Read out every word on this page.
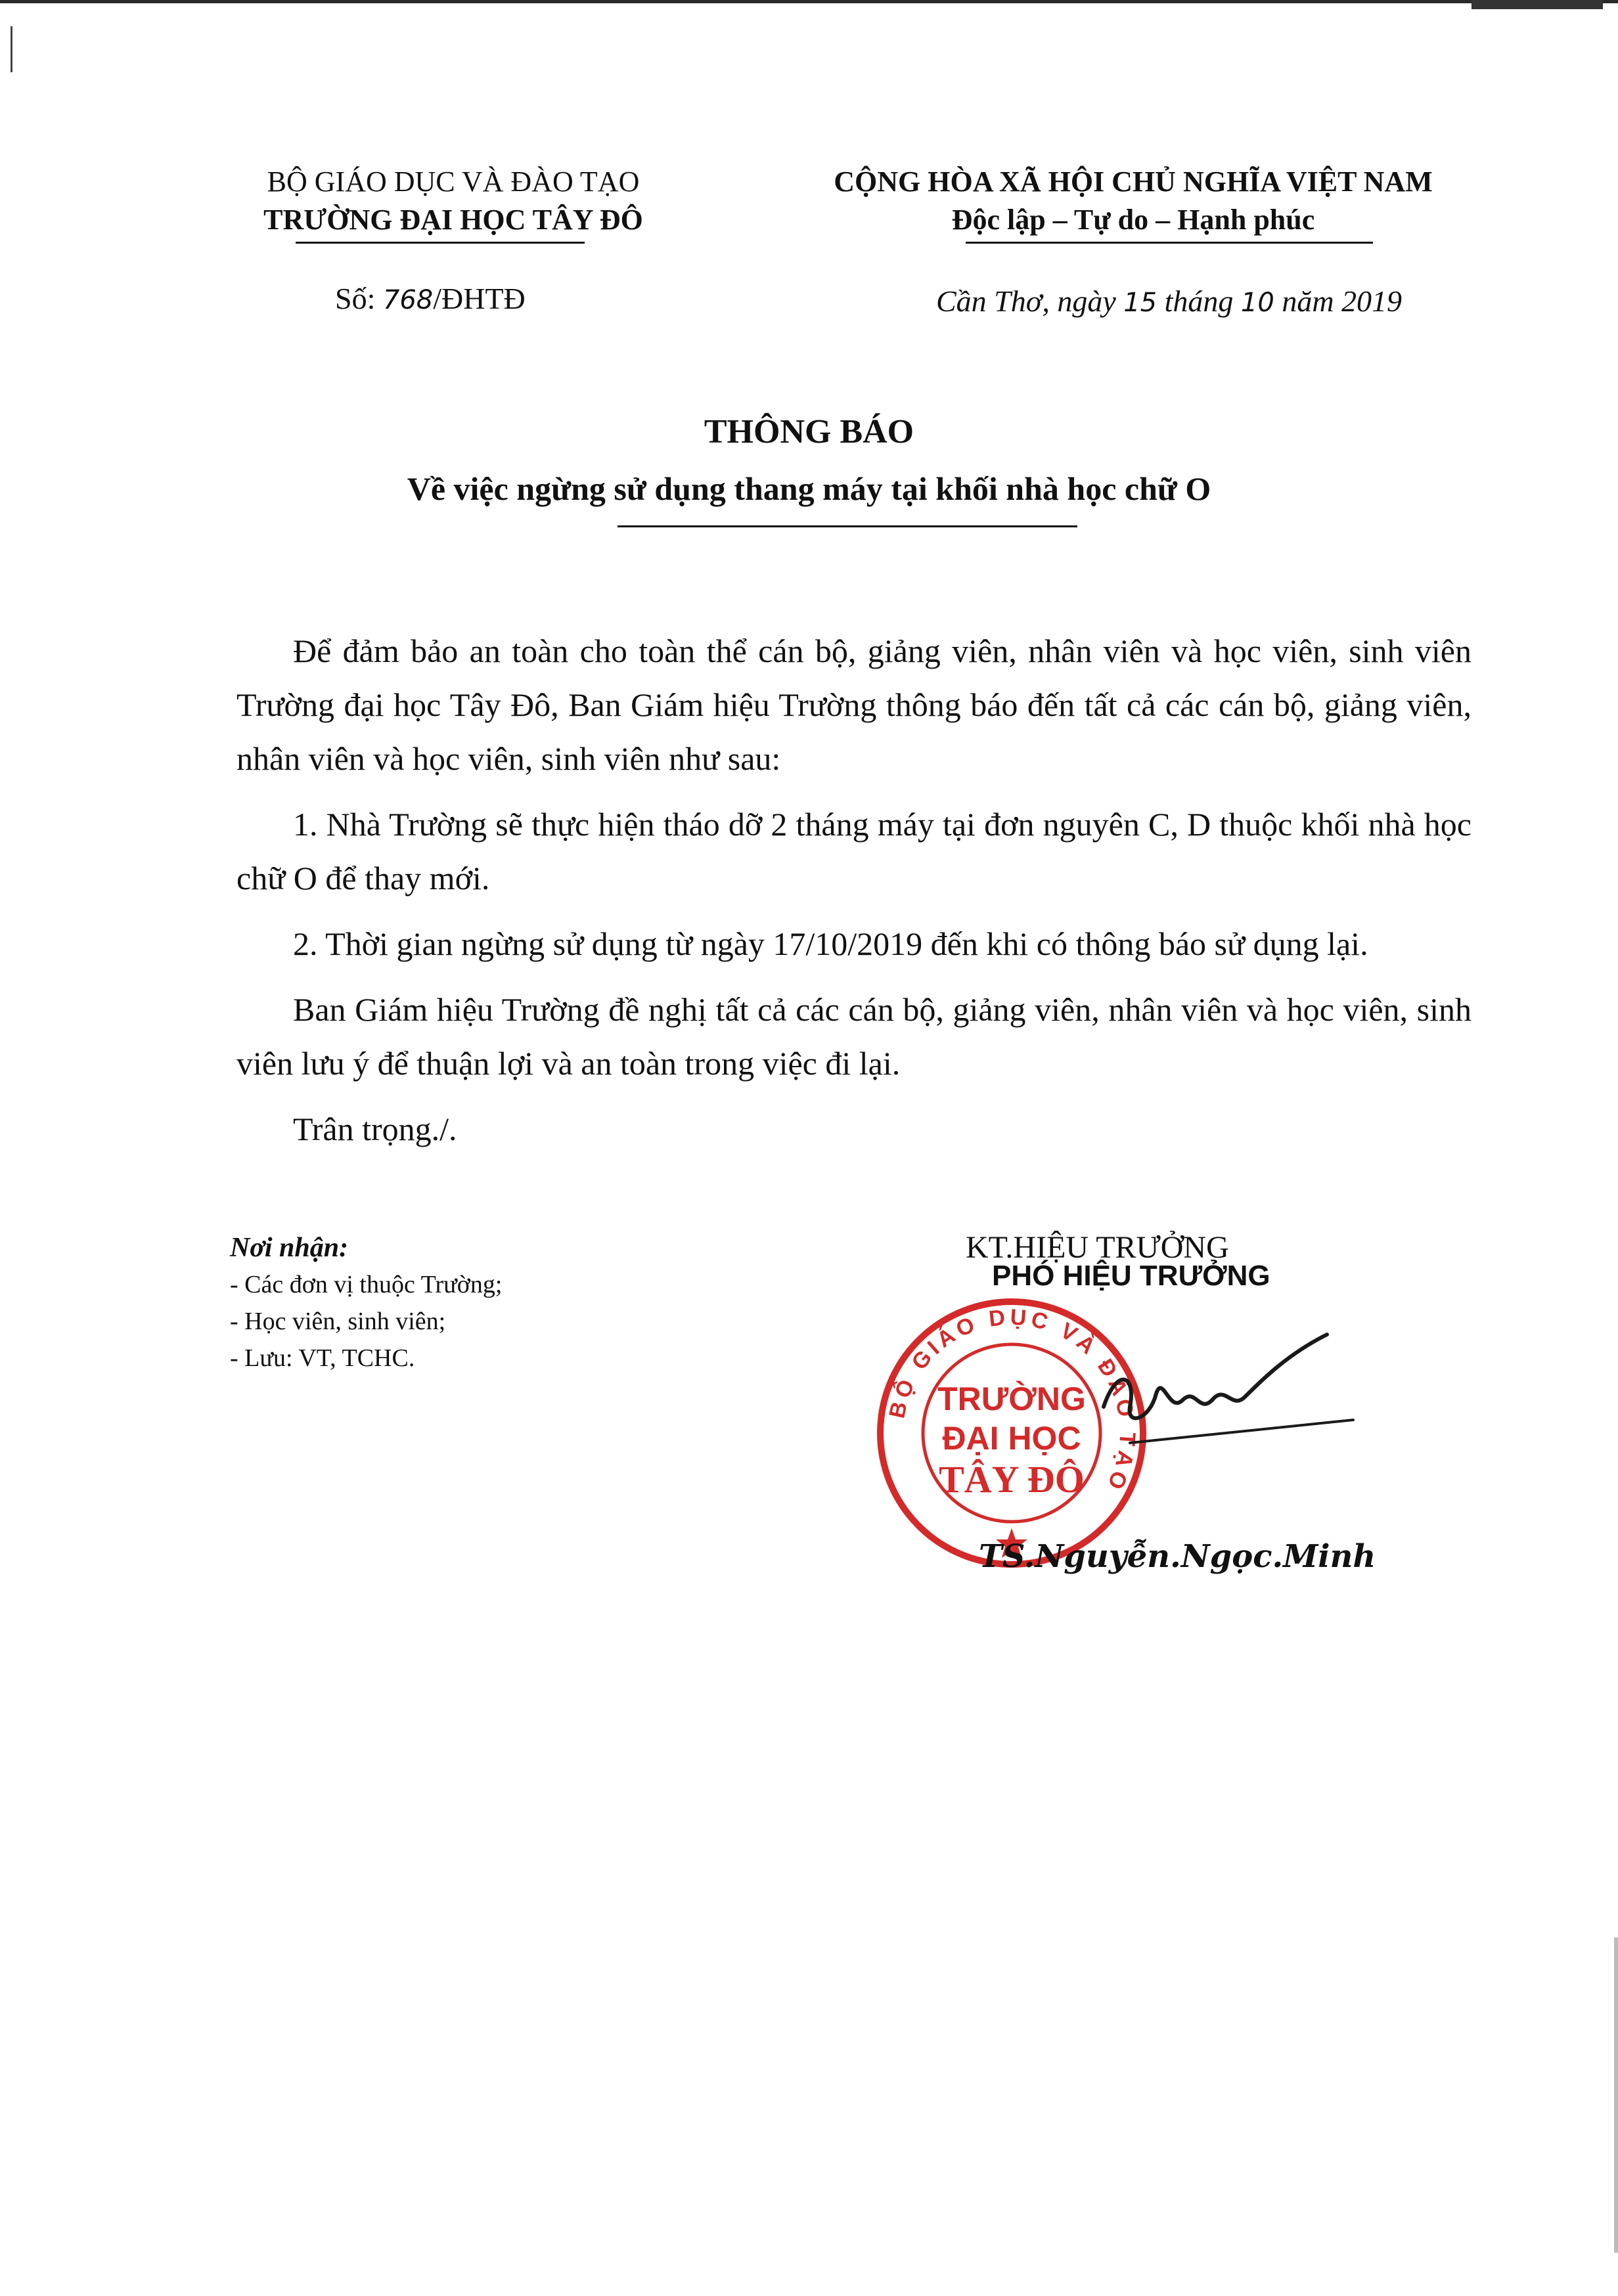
BỘ GIÁO DỤC VÀ ĐÀO TẠO
TRƯỜNG ĐẠI HỌC TÂY ĐÔ
CỘNG HÒA XÃ HỘI CHỦ NGHĨA VIỆT NAM
Độc lập – Tự do – Hạnh phúc
Số: 768/ĐHTĐ	Cần Thơ, ngày 15 tháng 10 năm 2019
THÔNG BÁO
Về việc ngừng sử dụng thang máy tại khối nhà học chữ O

Để đảm bảo an toàn cho toàn thể cán bộ, giảng viên, nhân viên và học viên, sinh viên Trường đại học Tây Đô, Ban Giám hiệu Trường thông báo đến tất cả các cán bộ, giảng viên, nhân viên và học viên, sinh viên như sau:

1. Nhà Trường sẽ thực hiện tháo dỡ 2 tháng máy tại đơn nguyên C, D thuộc khối nhà học chữ O để thay mới.

2. Thời gian ngừng sử dụng từ ngày 17/10/2019 đến khi có thông báo sử dụng lại.

Ban Giám hiệu Trường đề nghị tất cả các cán bộ, giảng viên, nhân viên và học viên, sinh viên lưu ý để thuận lợi và an toàn trong việc đi lại.

Trân trọng./.

Nơi nhận:
- Các đơn vị thuộc Trường;
- Học viên, sinh viên;
- Lưu: VT, TCHC.
KT.HIỆU TRƯỞNG
PHÓ HIỆU TRƯỞNG
BỘ GIÁO DỤC VÀ ĐÀO TẠO
TRƯỜNG
ĐẠI HỌC
TÂY ĐÔ
TS.Nguyễn.Ngọc.Minh
